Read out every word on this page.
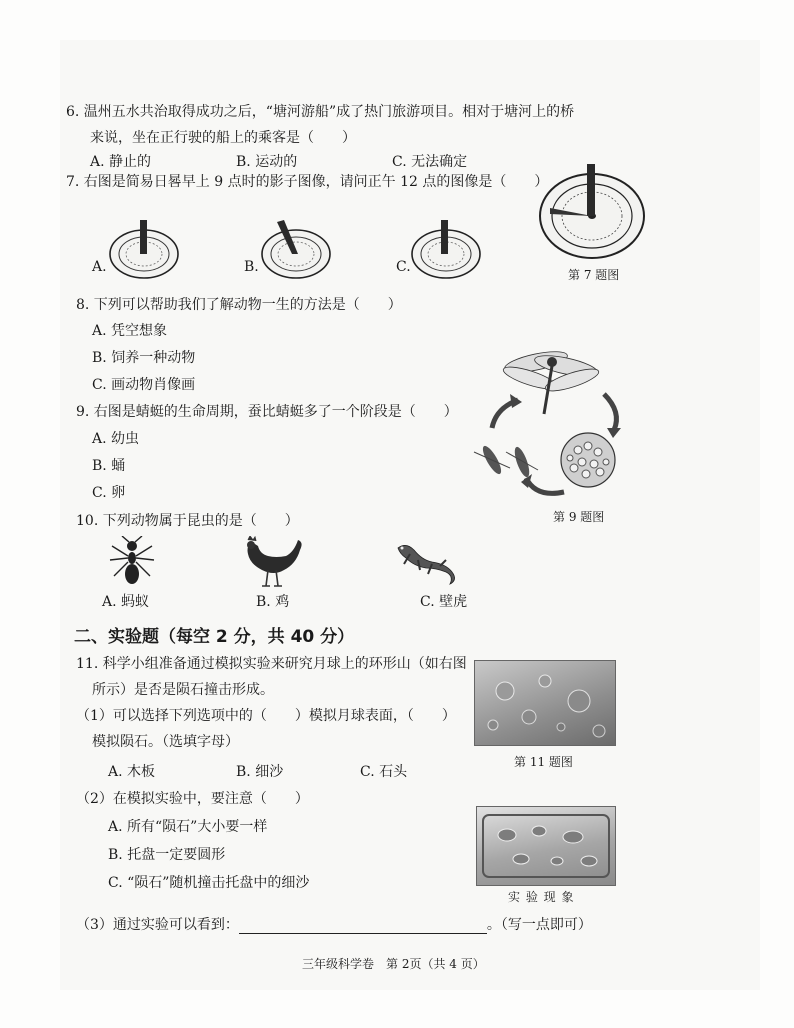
6. 温州五水共治取得成功之后，“塘河游船”成了热门旅游项目。相对于塘河上的桥
来说，坐在正行驶的船上的乘客是（　　）
A. 静止的	B. 运动的	C. 无法确定
7. 右图是简易日晷早上 9 点时的影子图像，请问正午 12 点的图像是（　　）
第 7 题图
A.	B.	C.
8. 下列可以帮助我们了解动物一生的方法是（　　）
A. 凭空想象
B. 饲养一种动物
C. 画动物肖像画
9. 右图是蜻蜓的生命周期，蚕比蜻蜓多了一个阶段是（　　）
A. 幼虫
B. 蛹
C. 卵
第 9 题图
10. 下列动物属于昆虫的是（　　）
A. 蚂蚁	B. 鸡	C. 壁虎
二、实验题（每空 2 分，共 40 分）
11. 科学小组准备通过模拟实验来研究月球上的环形山（如右图
所示）是否是陨石撞击形成。
（1）可以选择下列选项中的（　　）模拟月球表面，（　　）
模拟陨石。（选填字母）
A. 木板	B. 细沙	C. 石头
（2）在模拟实验中，要注意（　　）
A. 所有“陨石”大小要一样
B. 托盘一定要圆形
C. “陨石”随机撞击托盘中的细沙
（3）通过实验可以看到：	。（写一点即可）
第 11 题图
实 验 现 象
三年级科学卷　第 2页（共 4 页）
